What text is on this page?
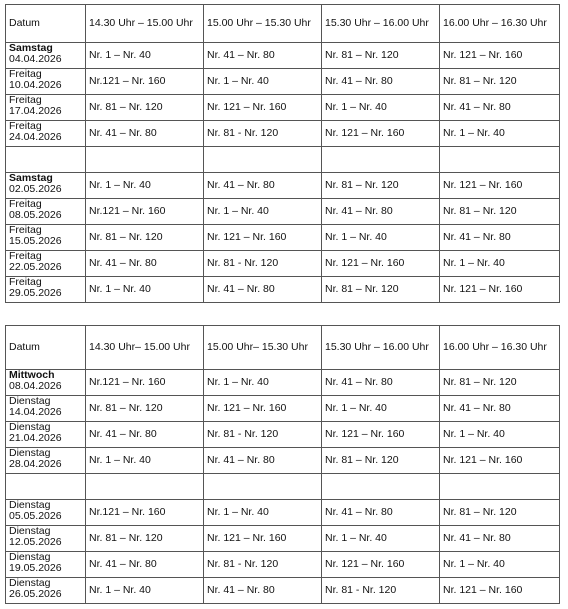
Datum	14.30 Uhr – 15.00 Uhr	15.00 Uhr – 15.30 Uhr	15.30 Uhr – 16.00 Uhr	16.00 Uhr – 16.30 Uhr

Samstag
04.04.2026	Nr. 1 – Nr. 40	Nr. 41 – Nr. 80	Nr. 81 – Nr. 120	Nr. 121 – Nr. 160

Freitag
10.04.2026	Nr.121 – Nr. 160	Nr. 1 – Nr. 40	Nr. 41 – Nr. 80	Nr. 81 – Nr. 120

Freitag
17.04.2026	Nr. 81 – Nr. 120	Nr. 121 – Nr. 160	Nr. 1 – Nr. 40	Nr. 41 – Nr. 80

Freitag
24.04.2026	Nr. 41 – Nr. 80	Nr. 81 - Nr. 120	Nr. 121 – Nr. 160	Nr. 1 – Nr. 40

Samstag
02.05.2026	Nr. 1 – Nr. 40	Nr. 41 – Nr. 80	Nr. 81 – Nr. 120	Nr. 121 – Nr. 160

Freitag
08.05.2026	Nr.121 – Nr. 160	Nr. 1 – Nr. 40	Nr. 41 – Nr. 80	Nr. 81 – Nr. 120

Freitag
15.05.2026	Nr. 81 – Nr. 120	Nr. 121 – Nr. 160	Nr. 1 – Nr. 40	Nr. 41 – Nr. 80

Freitag
22.05.2026	Nr. 41 – Nr. 80	Nr. 81 - Nr. 120	Nr. 121 – Nr. 160	Nr. 1 – Nr. 40

Freitag
29.05.2026	Nr. 1 – Nr. 40	Nr. 41 – Nr. 80	Nr. 81 – Nr. 120	Nr. 121 – Nr. 160
Datum	14.30 Uhr– 15.00 Uhr	15.00 Uhr– 15.30 Uhr	15.30 Uhr – 16.00 Uhr	16.00 Uhr – 16.30 Uhr

Mittwoch
08.04.2026	Nr.121 – Nr. 160	Nr. 1 – Nr. 40	Nr. 41 – Nr. 80	Nr. 81 – Nr. 120

Dienstag
14.04.2026	Nr. 81 – Nr. 120	Nr. 121 – Nr. 160	Nr. 1 – Nr. 40	Nr. 41 – Nr. 80

Dienstag
21.04.2026	Nr. 41 – Nr. 80	Nr. 81 - Nr. 120	Nr. 121 – Nr. 160	Nr. 1 – Nr. 40

Dienstag
28.04.2026	Nr. 1 – Nr. 40	Nr. 41 – Nr. 80	Nr. 81 – Nr. 120	Nr. 121 – Nr. 160

Dienstag
05.05.2026	Nr.121 – Nr. 160	Nr. 1 – Nr. 40	Nr. 41 – Nr. 80	Nr. 81 – Nr. 120

Dienstag
12.05.2026	Nr. 81 – Nr. 120	Nr. 121 – Nr. 160	Nr. 1 – Nr. 40	Nr. 41 – Nr. 80

Dienstag
19.05.2026	Nr. 41 – Nr. 80	Nr. 81 - Nr. 120	Nr. 121 – Nr. 160	Nr. 1 – Nr. 40

Dienstag
26.05.2026	Nr. 1 – Nr. 40	Nr. 41 – Nr. 80	Nr. 81 - Nr. 120	Nr. 121 – Nr. 160
